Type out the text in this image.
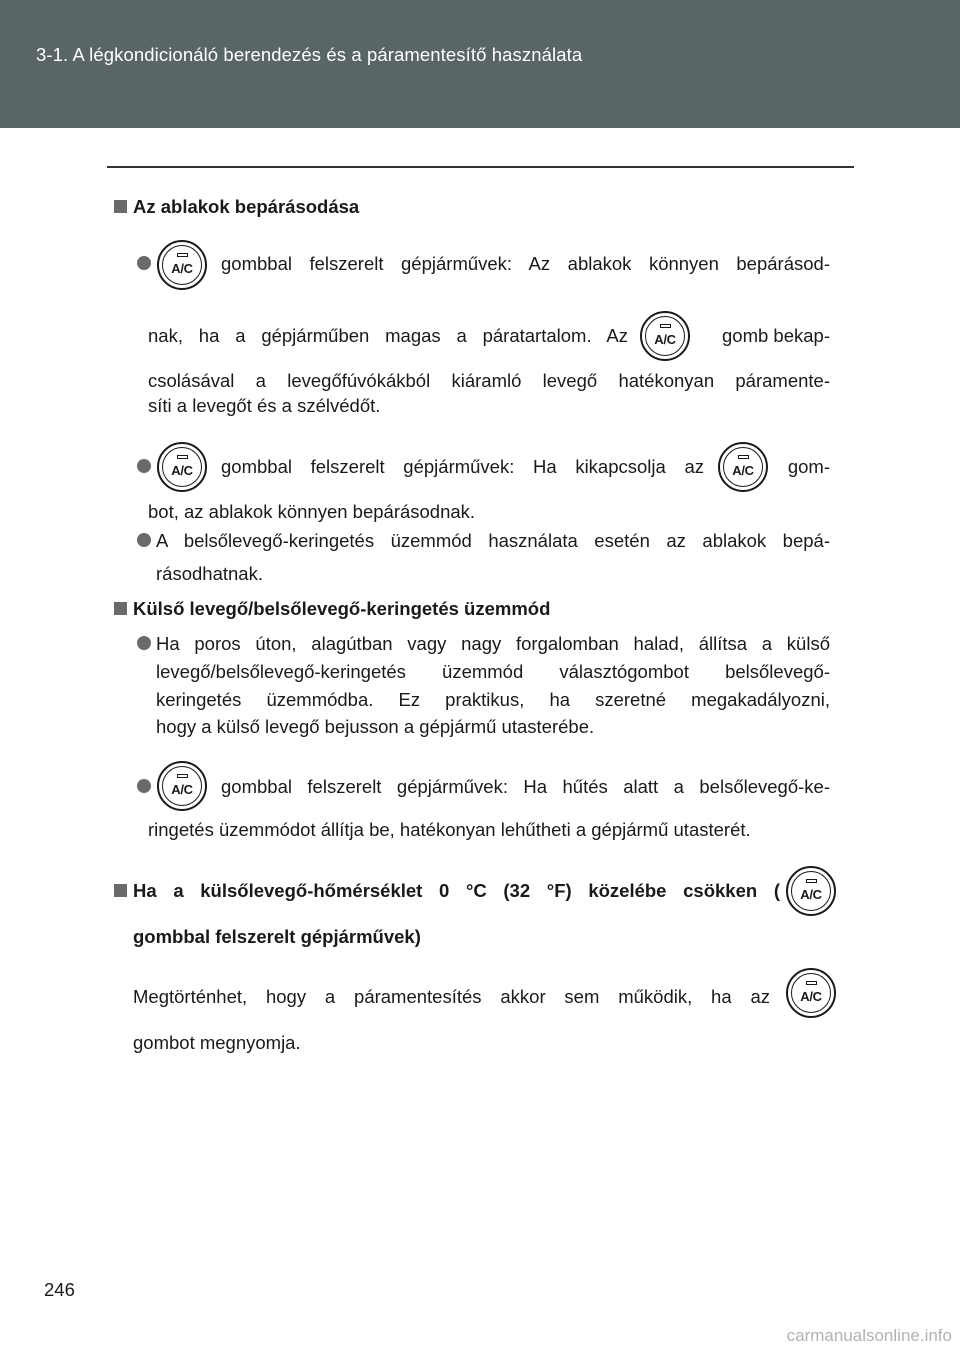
3-1. A légkondicionáló berendezés és a páramentesítő használata
Az ablakok bepárásodása
A/C	gombbal felszerelt gépjárművek: Az ablakok könnyen bepárásod-
nak, ha a gépjárműben magas a páratartalom. Az	A/C	gomb bekap-
csolásával a levegőfúvókákból kiáramló levegő hatékonyan páramente-
síti a levegőt és a szélvédőt.
A/C	gombbal felszerelt gépjárművek: Ha kikapcsolja az	A/C	gom-
bot, az ablakok könnyen bepárásodnak.
A belsőlevegő-keringetés üzemmód használata esetén az ablakok bepá-
rásodhatnak.
Külső levegő/belsőlevegő-keringetés üzemmód
Ha poros úton, alagútban vagy nagy forgalomban halad, állítsa a külső
levegő/belsőlevegő-keringetés üzemmód választógombot belsőlevegő-
keringetés üzemmódba. Ez praktikus, ha szeretné megakadályozni,
hogy a külső levegő bejusson a gépjármű utasterébe.
A/C	gombbal felszerelt gépjárművek: Ha hűtés alatt a belsőlevegő-ke-
ringetés üzemmódot állítja be, hatékonyan lehűtheti a gépjármű utasterét.
Ha a külsőlevegő-hőmérséklet 0 °C (32 °F) közelébe csökken (	A/C
gombbal felszerelt gépjárművek)
Megtörténhet, hogy a páramentesítés akkor sem működik, ha az	A/C
gombot megnyomja.
246
carmanualsonline.info
